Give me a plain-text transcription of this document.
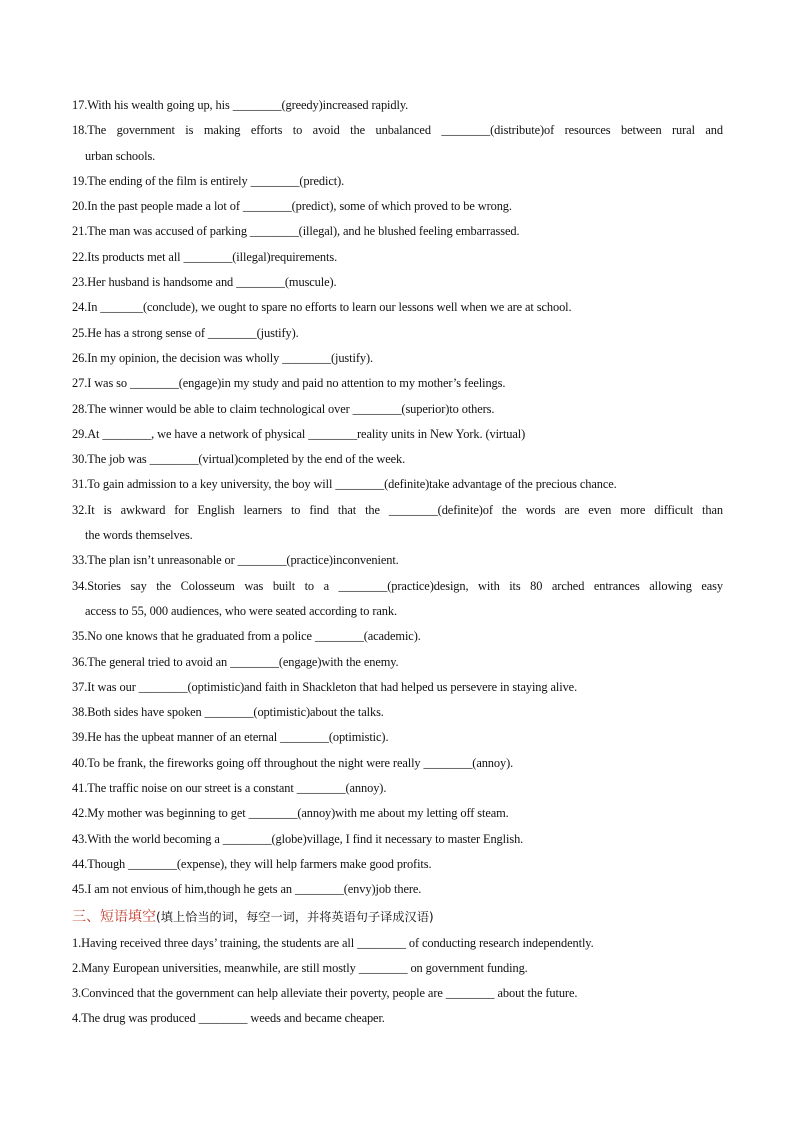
17.With his wealth going up, his ________(greedy)increased rapidly.
18.The government is making efforts to avoid the unbalanced ________(distribute)of resources between rural and
urban schools.
19.The ending of the film is entirely ________(predict).
20.In the past people made a lot of ________(predict), some of which proved to be wrong.
21.The man was accused of parking ________(illegal), and he blushed feeling embarrassed.
22.Its products met all ________(illegal)requirements.
23.Her husband is handsome and ________(muscule).
24.In _______(conclude), we ought to spare no efforts to learn our lessons well when we are at school.
25.He has a strong sense of ________(justify).
26.In my opinion, the decision was wholly ________(justify).
27.I was so ________(engage)in my study and paid no attention to my mother’s feelings.
28.The winner would be able to claim technological over ________(superior)to others.
29.At ________, we have a network of physical ________reality units in New York. (virtual)
30.The job was ________(virtual)completed by the end of the week.
31.To gain admission to a key university, the boy will ________(definite)take advantage of the precious chance.
32.It is awkward for English learners to find that the ________(definite)of the words are even more difficult than
the words themselves.
33.The plan isn’t unreasonable or ________(practice)inconvenient.
34.Stories say the Colosseum was built to a ________(practice)design, with its 80 arched entrances allowing easy
access to 55, 000 audiences, who were seated according to rank.
35.No one knows that he graduated from a police ________(academic).
36.The general tried to avoid an ________(engage)with the enemy.
37.It was our ________(optimistic)and faith in Shackleton that had helped us persevere in staying alive.
38.Both sides have spoken ________(optimistic)about the talks.
39.He has the upbeat manner of an eternal ________(optimistic).
40.To be frank, the fireworks going off throughout the night were really ________(annoy).
41.The traffic noise on our street is a constant ________(annoy).
42.My mother was beginning to get ________(annoy)with me about my letting off steam.
43.With the world becoming a ________(globe)village, I find it necessary to master English.
44.Though ________(expense), they will help farmers make good profits.
45.I am not envious of him,though he gets an ________(envy)job there.
三、短语填空(填上恰当的词，每空一词，并将英语句子译成汉语)
1.Having received three days’ training, the students are all ________ of conducting research independently.
2.Many European universities, meanwhile, are still mostly ________ on government funding.
3.Convinced that the government can help alleviate their poverty, people are ________ about the future.
4.The drug was produced ________ weeds and became cheaper.
